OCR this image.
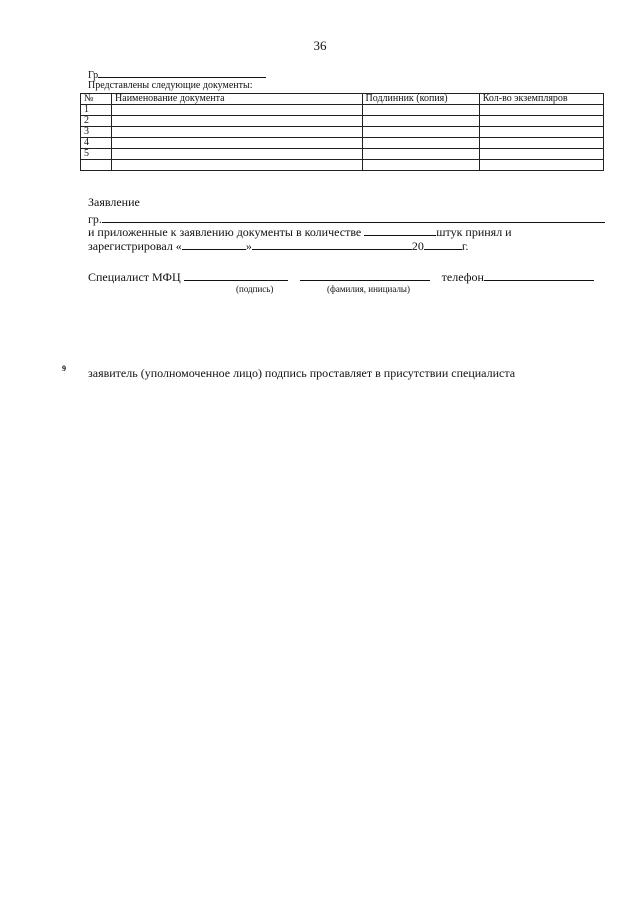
36
Гр
Представлены следующие документы:
№	Наименование документа	Подлинник (копия)	Кол-во экземпляров
1			
2			
3			
4			
5			

Заявление
гр.
и приложенные к заявлению документы в количестве	штук принял и
зарегистрировал «	»	20	г.
Специалист МФЦ	телефон
(подпись)	(фамилия, инициалы)
9 заявитель (уполномоченное лицо) подпись проставляет в присутствии специалиста
